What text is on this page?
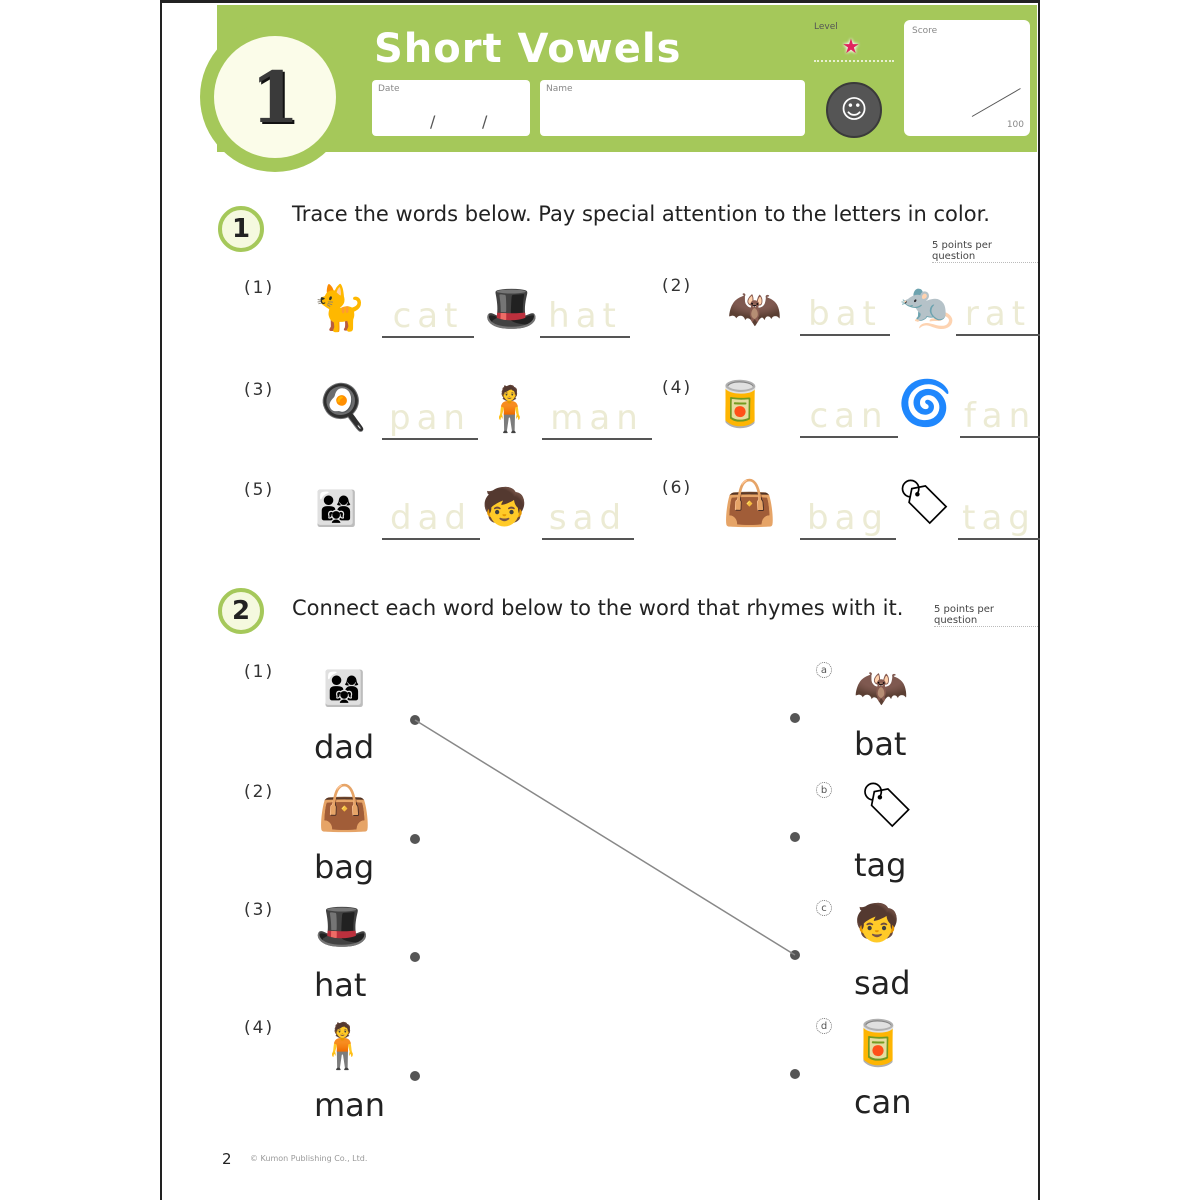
1
Short Vowels
Date
/	/
Name
Level
★
☺
Score
100
1 Trace the words below. Pay special attention to the letters in color.
5 points per question
(1) 🐈 cat 🎩 hat
(2) 🦇 bat 🐀 rat
(3) 🍳 pan 🧍 man
(4) 🥫 can 🌀 fan
(5)	👨‍👩‍👧 dad 🧒 sad
(6) 👜 bag 🏷 tag
2 Connect each word below to the word that rhymes with it.	5 points per question
(1)	👨‍👩‍👧
dad
(2) 👜
bag
(3) 🎩
hat
(4) 🧍
man
a 🦇
bat
b 🏷
tag
c 🧒
sad
d 🥫
can
2 © Kumon Publishing Co., Ltd.
